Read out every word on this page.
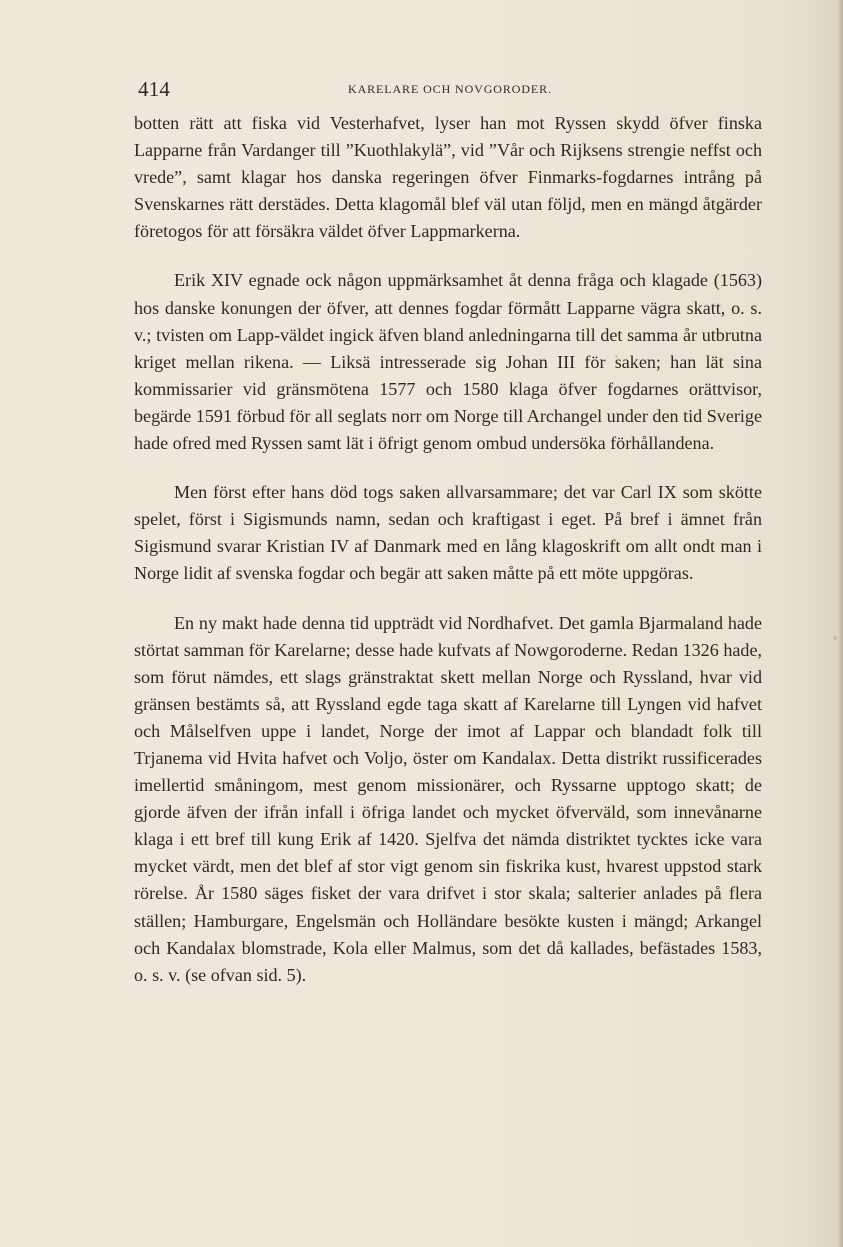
414	KARELARE OCH NOVGORODER.

botten rätt att fiska vid Vesterhafvet, lyser han mot Ryssen skydd öfver finska Lapparne från Vardanger till ”Kuothlakylä”, vid ”Vår och Rijksens strengie neffst och vrede”, samt klagar hos danska regeringen öfver Finmarks-fogdarnes intrång på Svenskarnes rätt derstädes. Detta klagomål blef väl utan följd, men en mängd åtgärder företogos för att försäkra väldet öfver Lappmarkerna.

Erik XIV egnade ock någon uppmärksamhet åt denna fråga och klagade (1563) hos danske konungen der öfver, att dennes fogdar förmått Lapparne vägra skatt, o. s. v.; tvisten om Lapp-väldet ingick äfven bland anledningarna till det samma år utbrutna kriget mellan rikena. — Liksä intresserade sig Johan III för saken; han lät sina kommissarier vid gränsmötena 1577 och 1580 klaga öfver fogdarnes orättvisor, begärde 1591 förbud för all seglats norr om Norge till Archangel under den tid Sverige hade ofred med Ryssen samt lät i öfrigt genom ombud undersöka förhållandena.

Men först efter hans död togs saken allvarsammare; det var Carl IX som skötte spelet, först i Sigismunds namn, sedan och kraftigast i eget. På bref i ämnet från Sigismund svarar Kristian IV af Danmark med en lång klagoskrift om allt ondt man i Norge lidit af svenska fogdar och begär att saken måtte på ett möte uppgöras.

En ny makt hade denna tid uppträdt vid Nordhafvet. Det gamla Bjarmaland hade störtat samman för Karelarne; desse hade kufvats af Nowgoroderne. Redan 1326 hade, som förut nämdes, ett slags gränstraktat skett mellan Norge och Ryssland, hvar vid gränsen bestämts så, att Ryssland egde taga skatt af Karelarne till Lyngen vid hafvet och Målselfven uppe i landet, Norge der imot af Lappar och blandadt folk till Trjanema vid Hvita hafvet och Voljo, öster om Kandalax. Detta distrikt russificerades imellertid småningom, mest genom missionärer, och Ryssarne upptogo skatt; de gjorde äfven der ifrån infall i öfriga landet och mycket öfverväld, som innevånarne klaga i ett bref till kung Erik af 1420. Sjelfva det nämda distriktet tycktes icke vara mycket värdt, men det blef af stor vigt genom sin fiskrika kust, hvarest uppstod stark rörelse. År 1580 säges fisket der vara drifvet i stor skala; salterier anlades på flera ställen; Hamburgare, Engelsmän och Holländare besökte kusten i mängd; Arkangel och Kandalax blomstrade, Kola eller Malmus, som det då kallades, befästades 1583, o. s. v. (se ofvan sid. 5).
